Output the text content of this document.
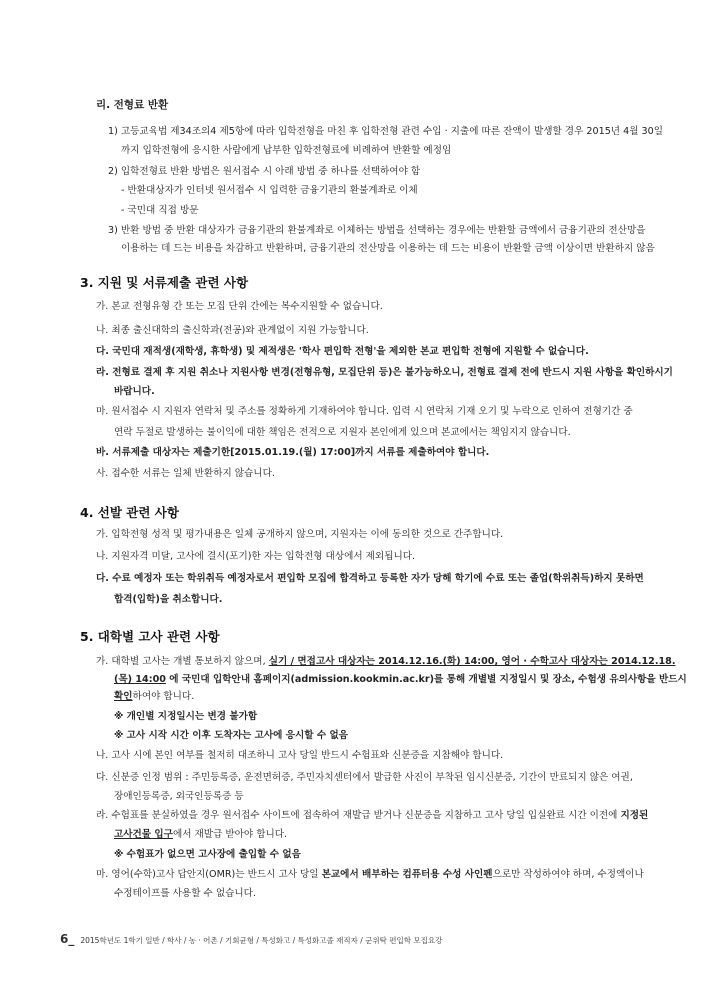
리. 전형료 반환
1) 고등교육법 제34조의4 제5항에 따라 입학전형을 마친 후 입학전형 관련 수입 · 지출에 따른 잔액이 발생할 경우 2015년 4월 30일
까지 입학전형에 응시한 사람에게 납부한 입학전형료에 비례하여 반환할 예정임
2) 입학전형료 반환 방법은 원서접수 시 아래 방법 중 하나를 선택하여야 함
- 반환대상자가 인터넷 원서접수 시 입력한 금융기관의 환불계좌로 이체
- 국민대 직접 방문
3) 반환 방법 중 반환 대상자가 금융기관의 환불계좌로 이체하는 방법을 선택하는 경우에는 반환할 금액에서 금융기관의 전산망을
이용하는 데 드는 비용을 차감하고 반환하며, 금융기관의 전산망을 이용하는 데 드는 비용이 반환할 금액 이상이면 반환하지 않음
3. 지원 및 서류제출 관련 사항
가. 본교 전형유형 간 또는 모집 단위 간에는 복수지원할 수 없습니다.
나. 최종 출신대학의 출신학과(전공)와 관계없이 지원 가능합니다.
다. 국민대 재적생(재학생, 휴학생) 및 제적생은 '학사 편입학 전형'을 제외한 본교 편입학 전형에 지원할 수 없습니다.
라. 전형료 결제 후 지원 취소나 지원사항 변경(전형유형, 모집단위 등)은 불가능하오니, 전형료 결제 전에 반드시 지원 사항을 확인하시기
바랍니다.
마. 원서접수 시 지원자 연락처 및 주소를 정확하게 기재하여야 합니다. 입력 시 연락처 기재 오기 및 누락으로 인하여 전형기간 중
연락 두절로 발생하는 불이익에 대한 책임은 전적으로 지원자 본인에게 있으며 본교에서는 책임지지 않습니다.
바. 서류제출 대상자는 제출기한[2015.01.19.(월) 17:00]까지 서류를 제출하여야 합니다.
사. 접수한 서류는 일체 반환하지 않습니다.
4. 선발 관련 사항
가. 입학전형 성적 및 평가내용은 일체 공개하지 않으며, 지원자는 이에 동의한 것으로 간주합니다.
나. 지원자격 미달, 고사에 결시(포기)한 자는 입학전형 대상에서 제외됩니다.
다. 수료 예정자 또는 학위취득 예정자로서 편입학 모집에 합격하고 등록한 자가 당해 학기에 수료 또는 졸업(학위취득)하지 못하면
합격(입학)을 취소합니다.
5. 대학별 고사 관련 사항
가. 대학별 고사는 개별 통보하지 않으며, 실기 / 면접고사 대상자는 2014.12.16.(화) 14:00, 영어 · 수학고사 대상자는 2014.12.18.
(목) 14:00 에 국민대 입학안내 홈페이지(admission.kookmin.ac.kr)를 통해 개별별 지정일시 및 장소, 수험생 유의사항을 반드시
확인하여야 합니다.
※ 개인별 지정일시는 변경 불가함
※ 고사 시작 시간 이후 도착자는 고사에 응시할 수 없음
나. 고사 시에 본인 여부를 철저히 대조하니 고사 당일 반드시 수험표와 신분증을 지참해야 합니다.
다. 신분증 인정 범위 : 주민등록증, 운전면허증, 주민자치센터에서 발급한 사진이 부착된 임시신분증, 기간이 만료되지 않은 여권,
장애인등록증, 외국인등록증 등
라. 수험표를 분실하였을 경우 원서접수 사이트에 접속하여 재발급 받거나 신분증을 지참하고 고사 당일 입실완료 시간 이전에 지정된
고사건물 입구에서 재발급 받아야 합니다.
※ 수험표가 없으면 고사장에 출입할 수 없음
마. 영어(수학)고사 답안지(OMR)는 반드시 고사 당일 본교에서 배부하는 컴퓨터용 수성 사인펜으로만 작성하여야 하며, 수정액이나
수정테이프를 사용할 수 없습니다.
6_ 2015학년도 1학기 일반 / 학사 / 농 · 어촌 / 기회균형 / 특성화고 / 특성화고졸 재직자 / 군위탁 편입학 모집요강
